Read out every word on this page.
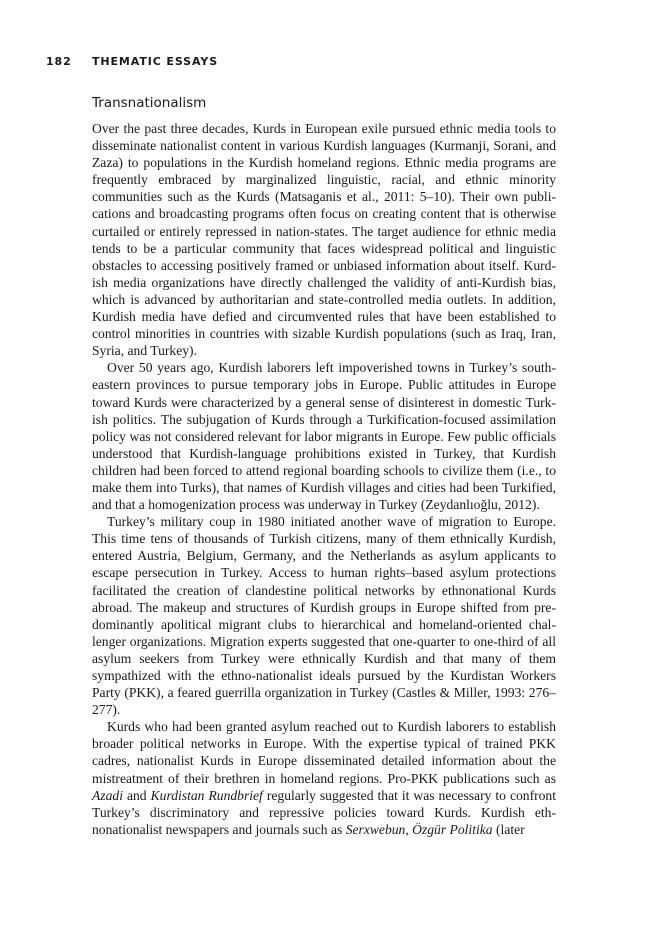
182 THEMATIC ESSAYS
Transnationalism

Over the past three decades, Kurds in European exile pursued ethnic media tools to disseminate nationalist content in various Kurdish languages (Kurmanji, Sorani, and Zaza) to populations in the Kurdish homeland regions. Ethnic media programs are frequently embraced by marginalized linguistic, racial, and ethnic minority communities such as the Kurds (Matsaganis et al., 2011: 5–10). Their own publications and broadcasting programs often focus on creating content that is otherwise curtailed or entirely repressed in nation-states. The target audience for ethnic media tends to be a particular community that faces widespread political and linguistic obstacles to accessing positively framed or unbiased information about itself. Kurdish media organizations have directly challenged the validity of anti-Kurdish bias, which is advanced by authoritarian and state-controlled media outlets. In addition, Kurdish media have defied and circumvented rules that have been established to control minorities in countries with sizable Kurdish populations (such as Iraq, Iran, Syria, and Turkey).

Over 50 years ago, Kurdish laborers left impoverished towns in Turkey’s southeastern provinces to pursue temporary jobs in Europe. Public attitudes in Europe toward Kurds were characterized by a general sense of disinterest in domestic Turkish politics. The subjugation of Kurds through a Turkification-focused assimilation policy was not considered relevant for labor migrants in Europe. Few public officials understood that Kurdish-language prohibitions existed in Turkey, that Kurdish children had been forced to attend regional boarding schools to civilize them (i.e., to make them into Turks), that names of Kurdish villages and cities had been Turkified, and that a homogenization process was underway in Turkey (Zeydanlıoğlu, 2012).

Turkey’s military coup in 1980 initiated another wave of migration to Europe. This time tens of thousands of Turkish citizens, many of them ethnically Kurdish, entered Austria, Belgium, Germany, and the Netherlands as asylum applicants to escape persecution in Turkey. Access to human rights–based asylum protections facilitated the creation of clandestine political networks by ethnonational Kurds abroad. The makeup and structures of Kurdish groups in Europe shifted from predominantly apolitical migrant clubs to hierarchical and homeland-oriented challenger organizations. Migration experts suggested that one-quarter to one-third of all asylum seekers from Turkey were ethnically Kurdish and that many of them sympathized with the ethno-nationalist ideals pursued by the Kurdistan Workers Party (PKK), a feared guerrilla organization in Turkey (Castles & Miller, 1993: 276–277).

Kurds who had been granted asylum reached out to Kurdish laborers to establish broader political networks in Europe. With the expertise typical of trained PKK cadres, nationalist Kurds in Europe disseminated detailed information about the mistreatment of their brethren in homeland regions. Pro-PKK publications such as Azadi and Kurdistan Rundbrief regularly suggested that it was necessary to confront Turkey’s discriminatory and repressive policies toward Kurds. Kurdish ethnonationalist newspapers and journals such as Serxwebun, Özgür Politika (later
